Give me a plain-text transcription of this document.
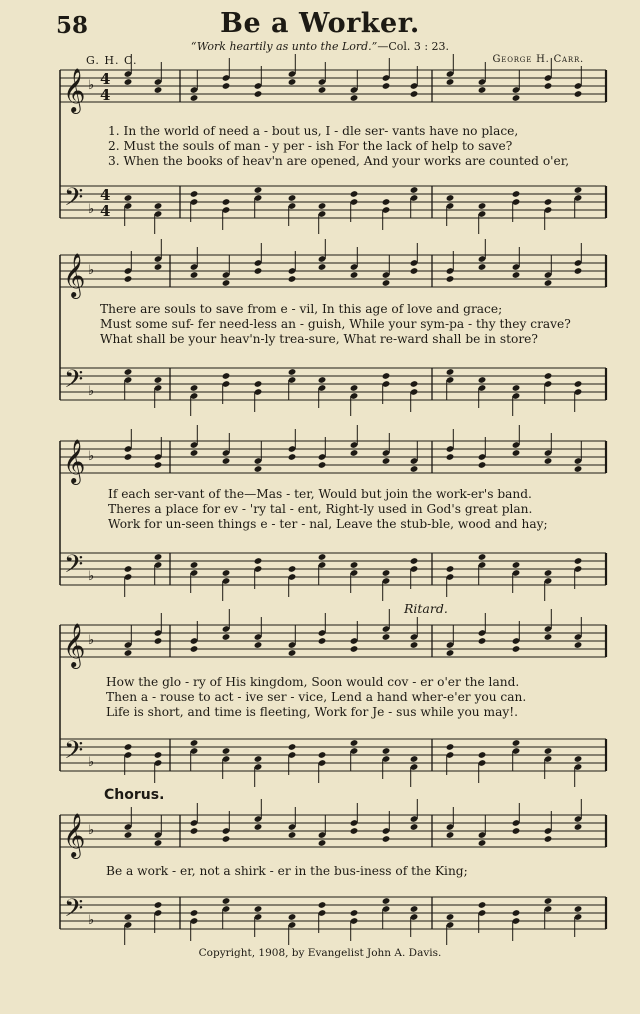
58	Be a Worker.
“Work heartily as unto the Lord.”—Col. 3 : 23.
G. H. C.	George H. Carr.
𝄞
𝄢
♭
♭
4
4
4
4
𝄞
𝄢
♭
♭
𝄞
𝄢
♭
♭
𝄞
𝄢
♭
♭
𝄞
𝄢
♭
♭
1. In the world of need a - bout us, I - dle ser- vants have no place,
2. Must the souls of man - y per - ish For the lack of help to save?
3. When the books of heav'n are opened, And your works are counted o'er,
There are souls to save from e - vil, In this age of love and grace;
Must some suf- fer need-less an - guish, While your sym-pa - thy they crave?
What shall be your heav'n-ly trea-sure, What re-ward shall be in store?
If each ser-vant of the—Mas - ter, Would but join the work-er's band.
Theres a place for ev - 'ry tal - ent, Right-ly used in God's great plan.
Work for un-seen things e - ter - nal, Leave the stub-ble, wood and hay;
Ritard.
How the glo - ry of His kingdom, Soon would cov - er o'er the land.
Then a - rouse to act - ive ser - vice, Lend a hand wher-e'er you can.
Life is short, and time is fleeting, Work for Je - sus while you may!.
Chorus.
Be a work - er, not a shirk - er in the bus-iness of the King;
Copyright, 1908, by Evangelist John A. Davis.
